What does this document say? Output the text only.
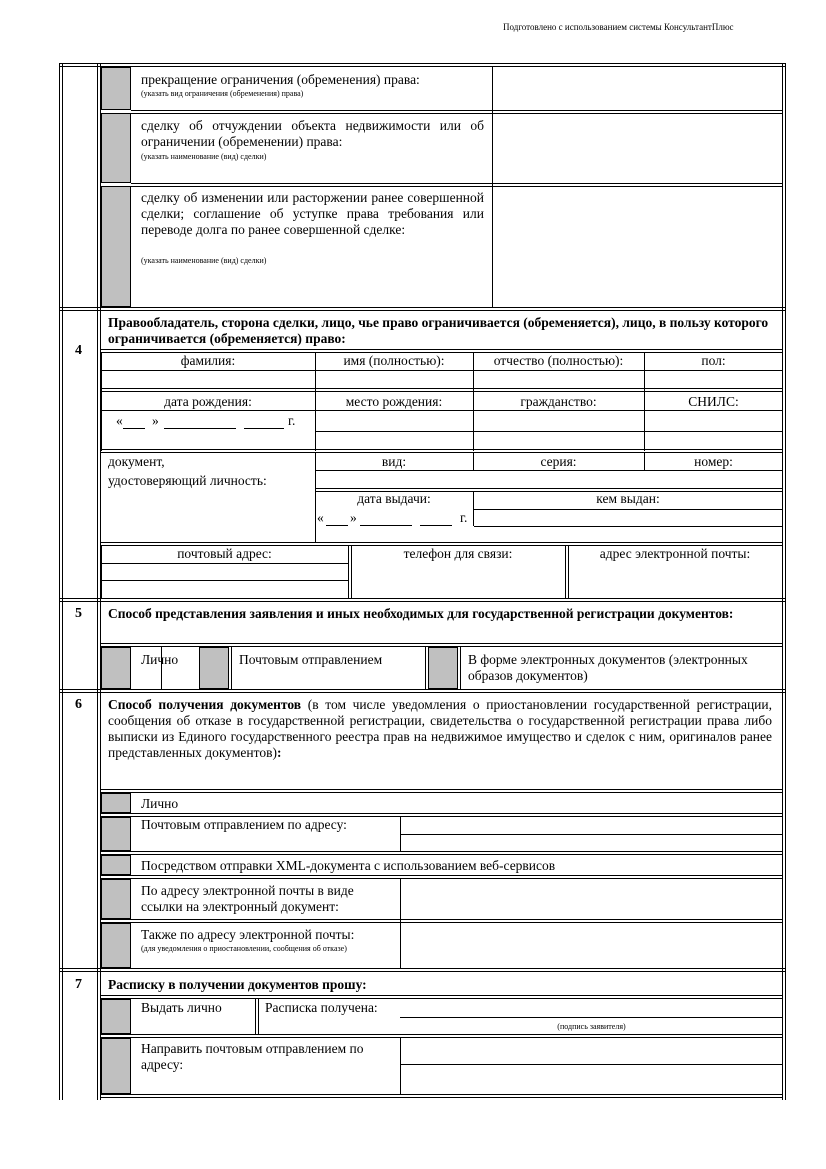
Подготовлено с использованием системы КонсультантПлюс
прекращение ограничения (обременения) права:
(указать вид ограничения (обременения) права)
сделку об отчуждении объекта недвижимости или об ограничении (обременении) права:
(указать наименование (вид) сделки)
сделку об изменении или расторжении ранее совершенной сделки; соглашение об уступке права требования или переводе долга по ранее совершенной сделке:
(указать наименование (вид) сделки)
4
Правообладатель, сторона сделки, лицо, чье право ограничивается (обременяется), лицо, в пользу которого ограничивается (обременяется) право:
фамилия:	имя (полностью):	отчество (полностью):	пол:
дата рождения:	место рождения:	гражданство:	СНИЛС:
« »	г.
документ,
удостоверяющий личность:
вид:	серия:	номер:
дата выдачи:	кем выдан:
« »	г.
почтовый адрес:	телефон для связи:	адрес электронной почты:
5 Способ представления заявления и иных необходимых для государственной регистрации документов:
Лично	Почтовым отправлением	В форме электронных документов (электронных образов документов)
6 Способ получения документов (в том числе уведомления о приостановлении государственной регистрации, сообщения об отказе в государственной регистрации, свидетельства о государственной регистрации права либо выписки из Единого государственного реестра прав на недвижимое имущество и сделок с ним, оригиналов ранее представленных документов):
Лично
Почтовым отправлением по адресу:
Посредством отправки XML-документа с использованием веб-сервисов
По адресу электронной почты в виде ссылки на электронный документ:
Также по адресу электронной почты:
(для уведомления о приостановлении, сообщения об отказе)
7 Расписку в получении документов прошу:
Выдать лично	Расписка получена:
(подпись заявителя)
Направить почтовым отправлением по адресу:
